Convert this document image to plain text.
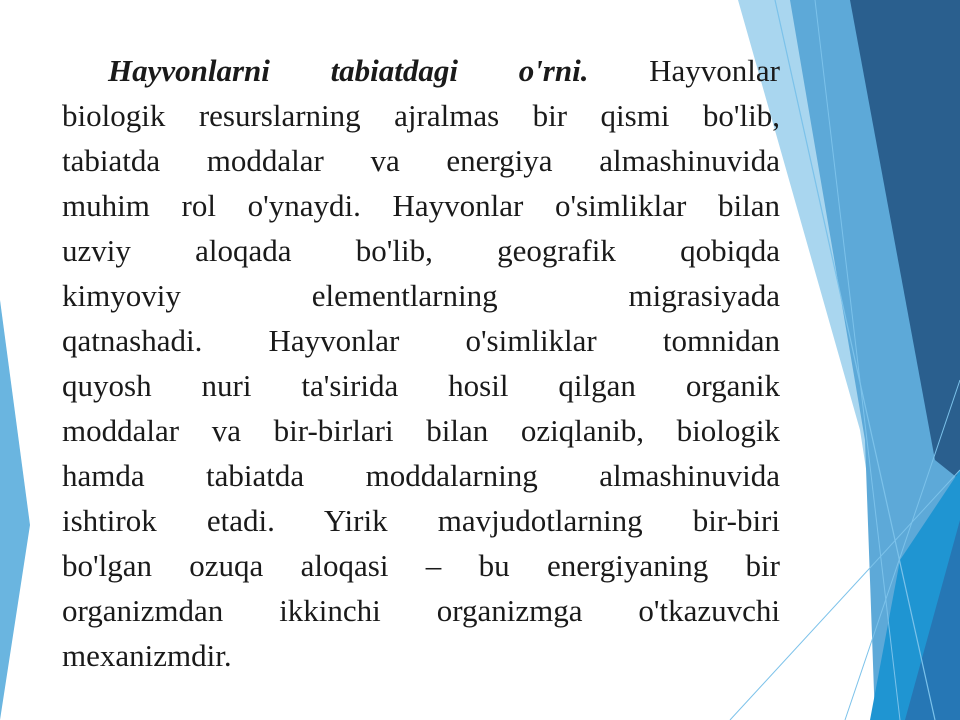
Hayvonlarni tabiatdagi o'rni. Hayvonlar
biologik resurslarning ajralmas bir qismi bo'lib,
tabiatda moddalar va energiya almashinuvida
muhim rol o'ynaydi. Hayvonlar o'simliklar bilan
uzviy aloqada bo'lib, geografik qobiqda
kimyoviy elementlarning migrasiyada
qatnashadi. Hayvonlar o'simliklar tomnidan
quyosh nuri ta'sirida hosil qilgan organik
moddalar va bir-birlari bilan oziqlanib, biologik
hamda tabiatda moddalarning almashinuvida
ishtirok etadi. Yirik mavjudotlarning bir-biri
bo'lgan ozuqa aloqasi – bu energiyaning bir
organizmdan ikkinchi organizmga o'tkazuvchi
mexanizmdir.
